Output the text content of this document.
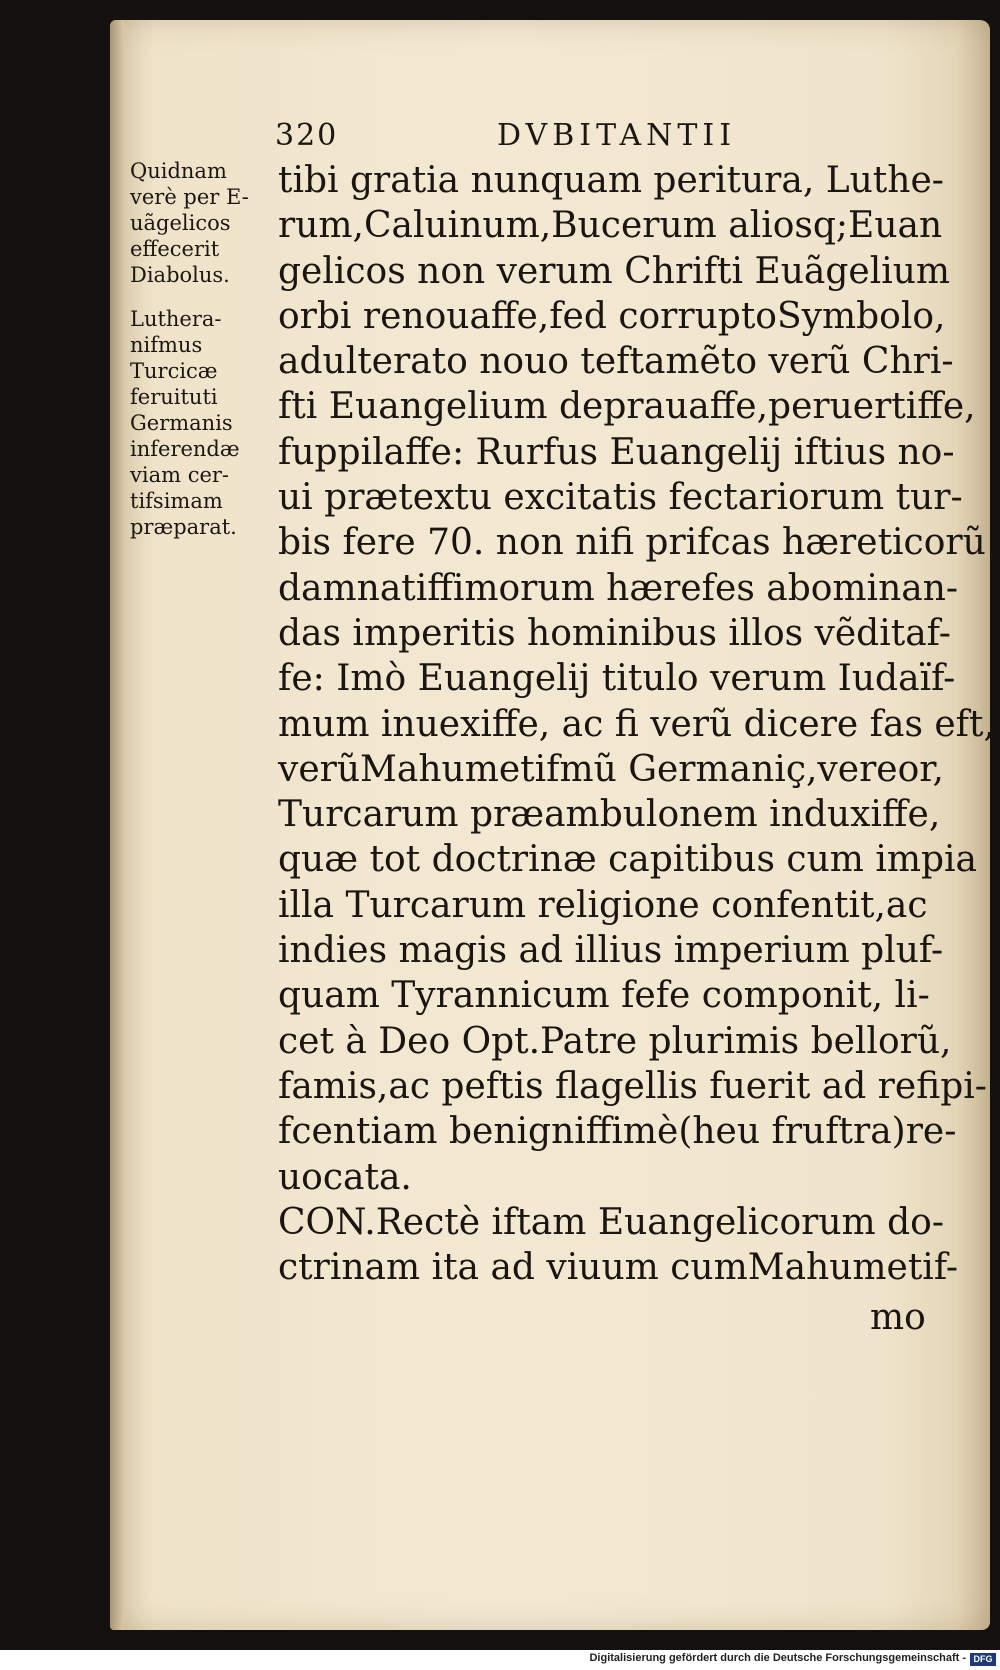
320	DVBITANTII
Quidnam
verè per E-
uãgelicos
effecerit
Diabolus.
Luthera-
nifmus
Turcicæ
feruituti
Germanis
inferendæ
viam cer-
tifsimam
præparat.
tibi gratia nunquam peritura, Luthe-
rum,Caluinum,Bucerum aliosq;Euan
gelicos non verum Chrifti Euãgelium
orbi renouaffe,fed corruptoSymbolo,
adulterato nouo teftamẽto verũ Chri-
fti Euangelium deprauaffe,peruertiffe,
fuppilaffe: Rurfus Euangelij iftius no-
ui prætextu excitatis fectariorum tur-
bis fere 70. non nifi prifcas hæreticorũ
damnatiffimorum hærefes abominan-
das imperitis hominibus illos vẽditaf-
fe: Imò Euangelij titulo verum Iudaïf-
mum inuexiffe, ac fi verũ dicere fas eft,
verũMahumetifmũ Germaniç,vereor,
Turcarum præambulonem induxiffe,
quæ tot doctrinæ capitibus cum impia
illa Turcarum religione confentit,ac
indies magis ad illius imperium pluf-
quam Tyrannicum fefe componit, li-
cet à Deo Opt.Patre plurimis bellorũ,
famis,ac peftis flagellis fuerit ad refipi-
fcentiam benigniffimè(heu fruftra)re-
uocata.
CON.Rectè iftam Euangelicorum do-
ctrinam ita ad viuum cumMahumetif-
mo
Digitalisierung gefördert durch die Deutsche Forschungsgemeinschaft - DFG
